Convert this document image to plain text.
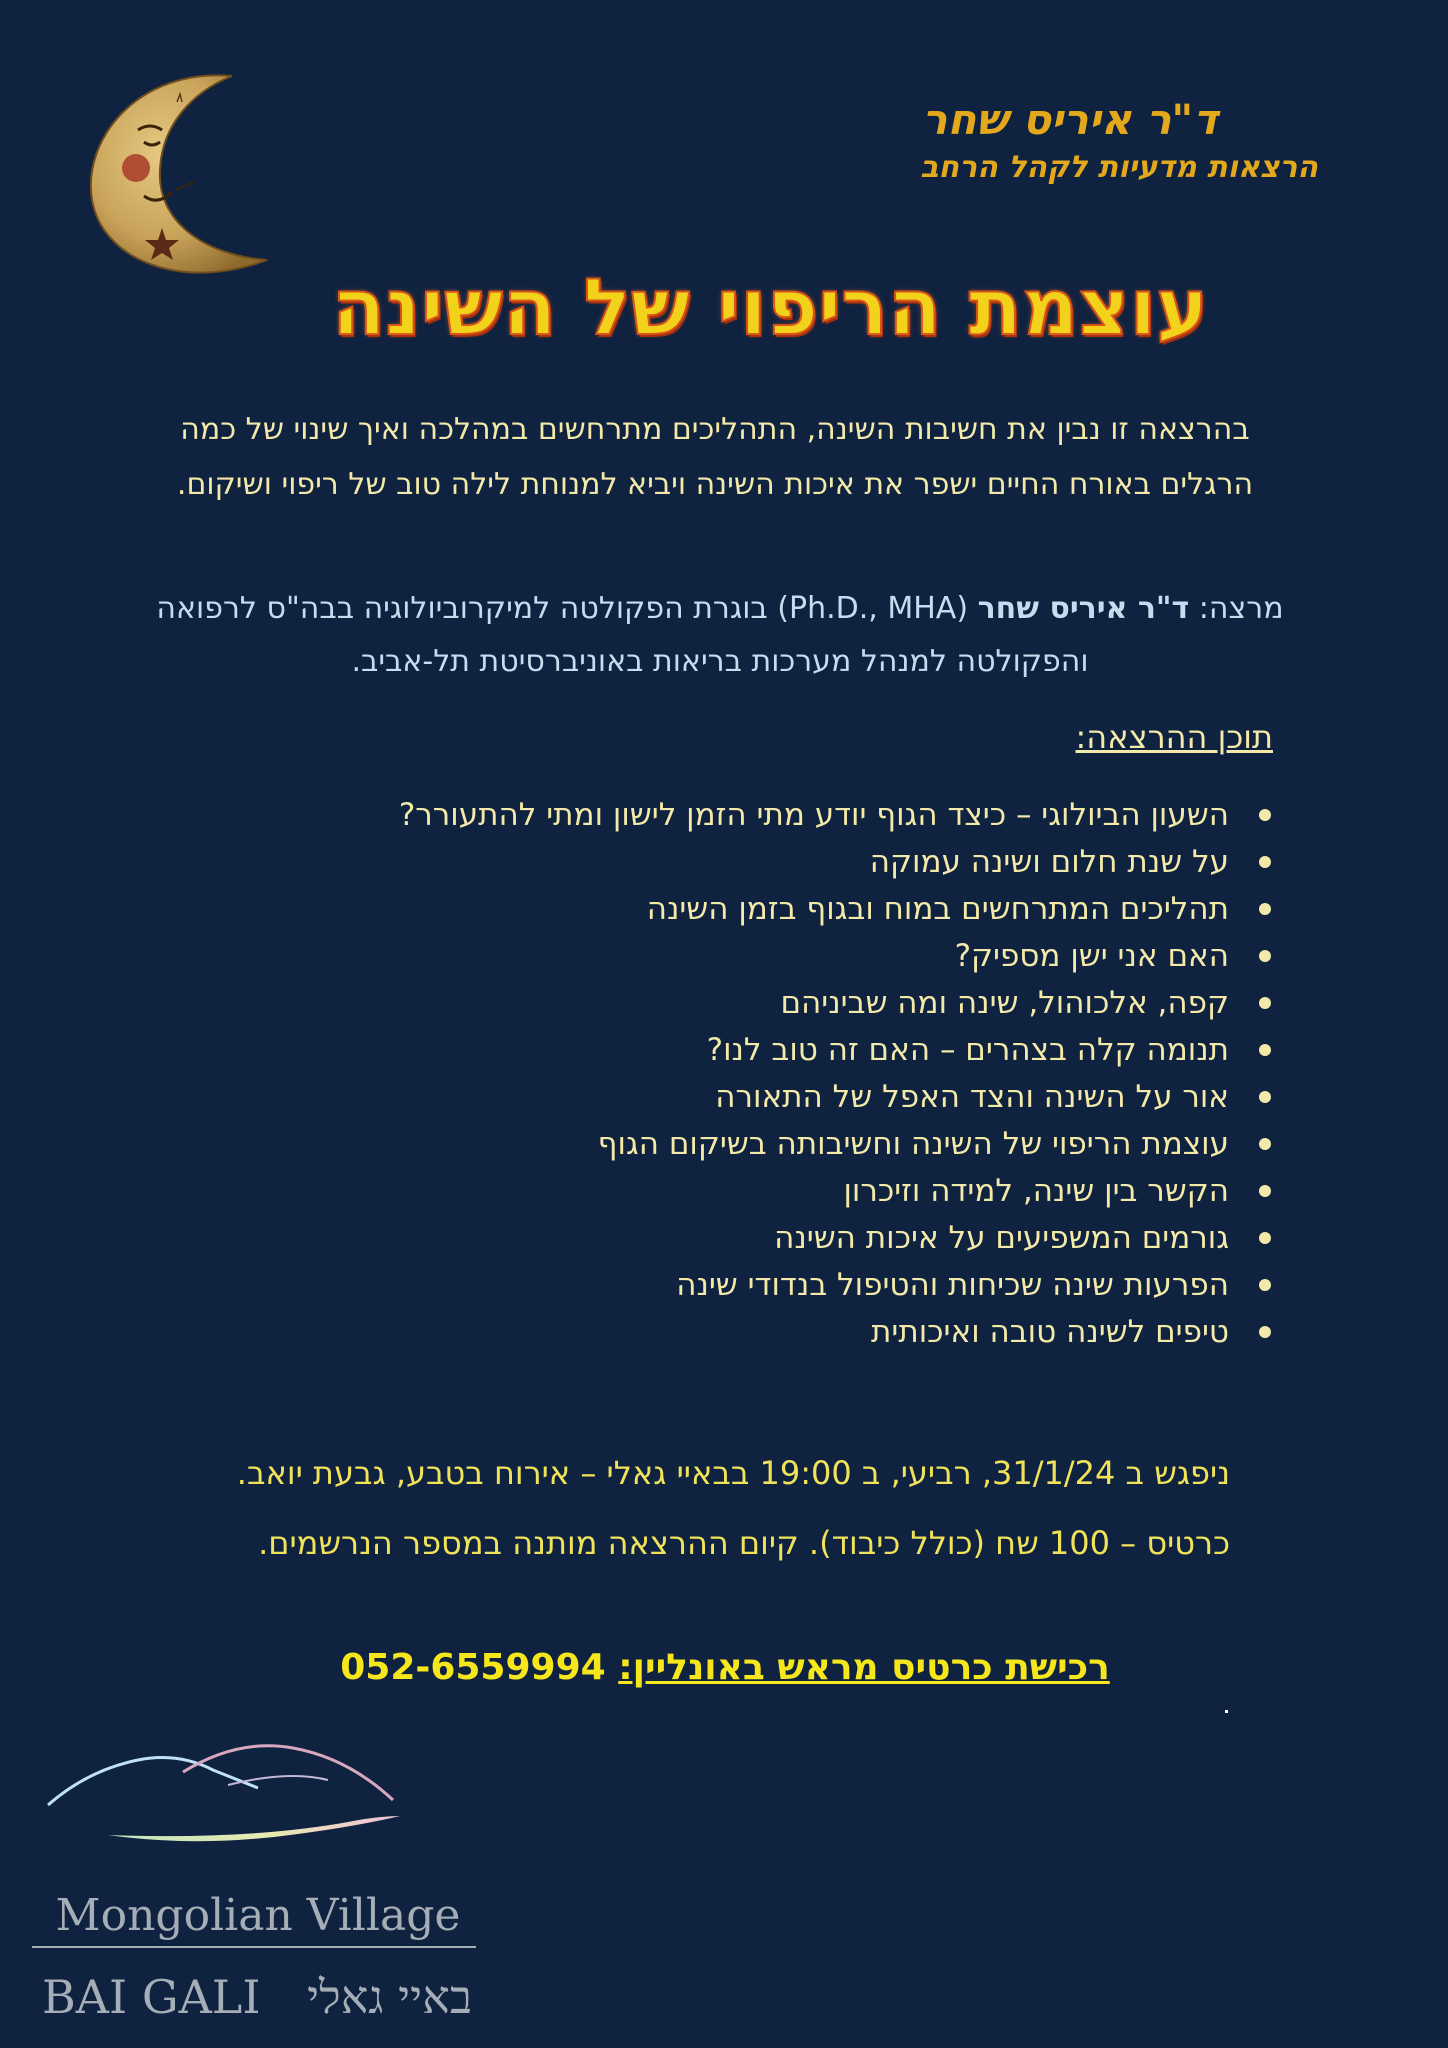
ד"ר איריס שחר
הרצאות מדעיות לקהל הרחב
עוצמת הריפוי של השינה
בהרצאה זו נבין את חשיבות השינה, התהליכים מתרחשים במהלכה ואיך שינוי של כמה הרגלים באורח החיים ישפר את איכות השינה ויביא למנוחת לילה טוב של ריפוי ושיקום.
מרצה: ד"ר איריס שחר (Ph.D., MHA) בוגרת הפקולטה למיקרוביולוגיה בבה"ס לרפואה והפקולטה למנהל מערכות בריאות באוניברסיטת תל-אביב.
תוכן ההרצאה:
השעון הביולוגי – כיצד הגוף יודע מתי הזמן לישון ומתי להתעורר?
על שנת חלום ושינה עמוקה
תהליכים המתרחשים במוח ובגוף בזמן השינה
האם אני ישן מספיק?
קפה, אלכוהול, שינה ומה שביניהם
תנומה קלה בצהרים – האם זה טוב לנו?
אור על השינה והצד האפל של התאורה
עוצמת הריפוי של השינה וחשיבותה בשיקום הגוף
הקשר בין שינה, למידה וזיכרון
גורמים המשפיעים על איכות השינה
הפרעות שינה שכיחות והטיפול בנדודי שינה
טיפים לשינה טובה ואיכותית
ניפגש ב 31/1/24, רביעי, ב 19:00 בבאיי גאלי – אירוח בטבע, גבעת יואב.
כרטיס – 100 שח (כולל כיבוד). קיום ההרצאה מותנה במספר הנרשמים.
רכישת כרטיס מראש באונליין: 052-6559994
Mongolian Village
BAI GALI באיי גאלי
